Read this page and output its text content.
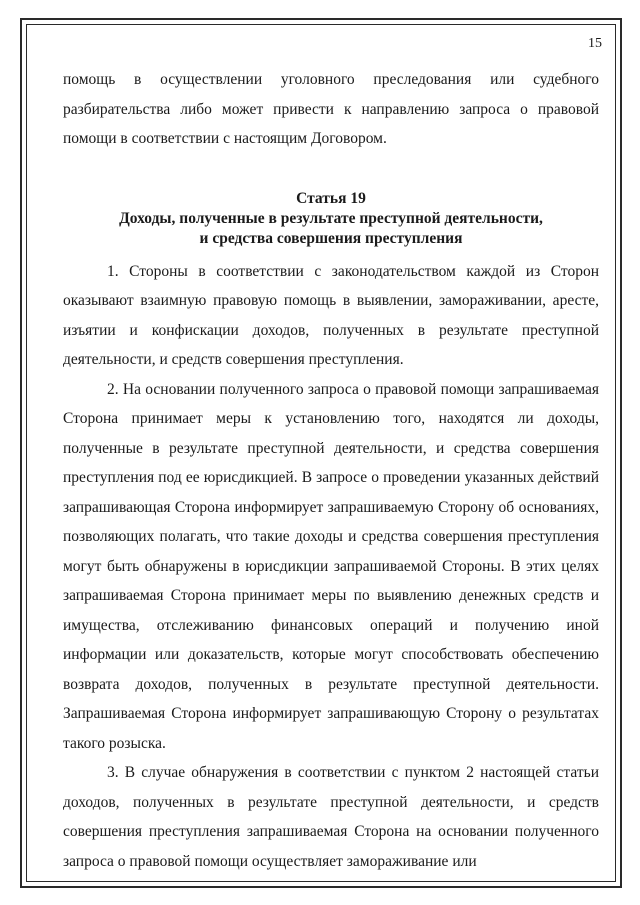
15

помощь в осуществлении уголовного преследования или судебного разбирательства либо может привести к направлению запроса о правовой помощи в соответствии с настоящим Договором.

Статья 19
Доходы, полученные в результате преступной деятельности,
и средства совершения преступления

1. Стороны в соответствии с законодательством каждой из Сторон оказывают взаимную правовую помощь в выявлении, замораживании, аресте, изъятии и конфискации доходов, полученных в результате преступной деятельности, и средств совершения преступления.

2. На основании полученного запроса о правовой помощи запрашиваемая Сторона принимает меры к установлению того, находятся ли доходы, полученные в результате преступной деятельности, и средства совершения преступления под ее юрисдикцией. В запросе о проведении указанных действий запрашивающая Сторона информирует запрашиваемую Сторону об основаниях, позволяющих полагать, что такие доходы и средства совершения преступления могут быть обнаружены в юрисдикции запрашиваемой Стороны. В этих целях запрашиваемая Сторона принимает меры по выявлению денежных средств и имущества, отслеживанию финансовых операций и получению иной информации или доказательств, которые могут способствовать обеспечению возврата доходов, полученных в результате преступной деятельности. Запрашиваемая Сторона информирует запрашивающую Сторону о результатах такого розыска.

3. В случае обнаружения в соответствии с пунктом 2 настоящей статьи доходов, полученных в результате преступной деятельности, и средств совершения преступления запрашиваемая Сторона на основании полученного запроса о правовой помощи осуществляет замораживание или
